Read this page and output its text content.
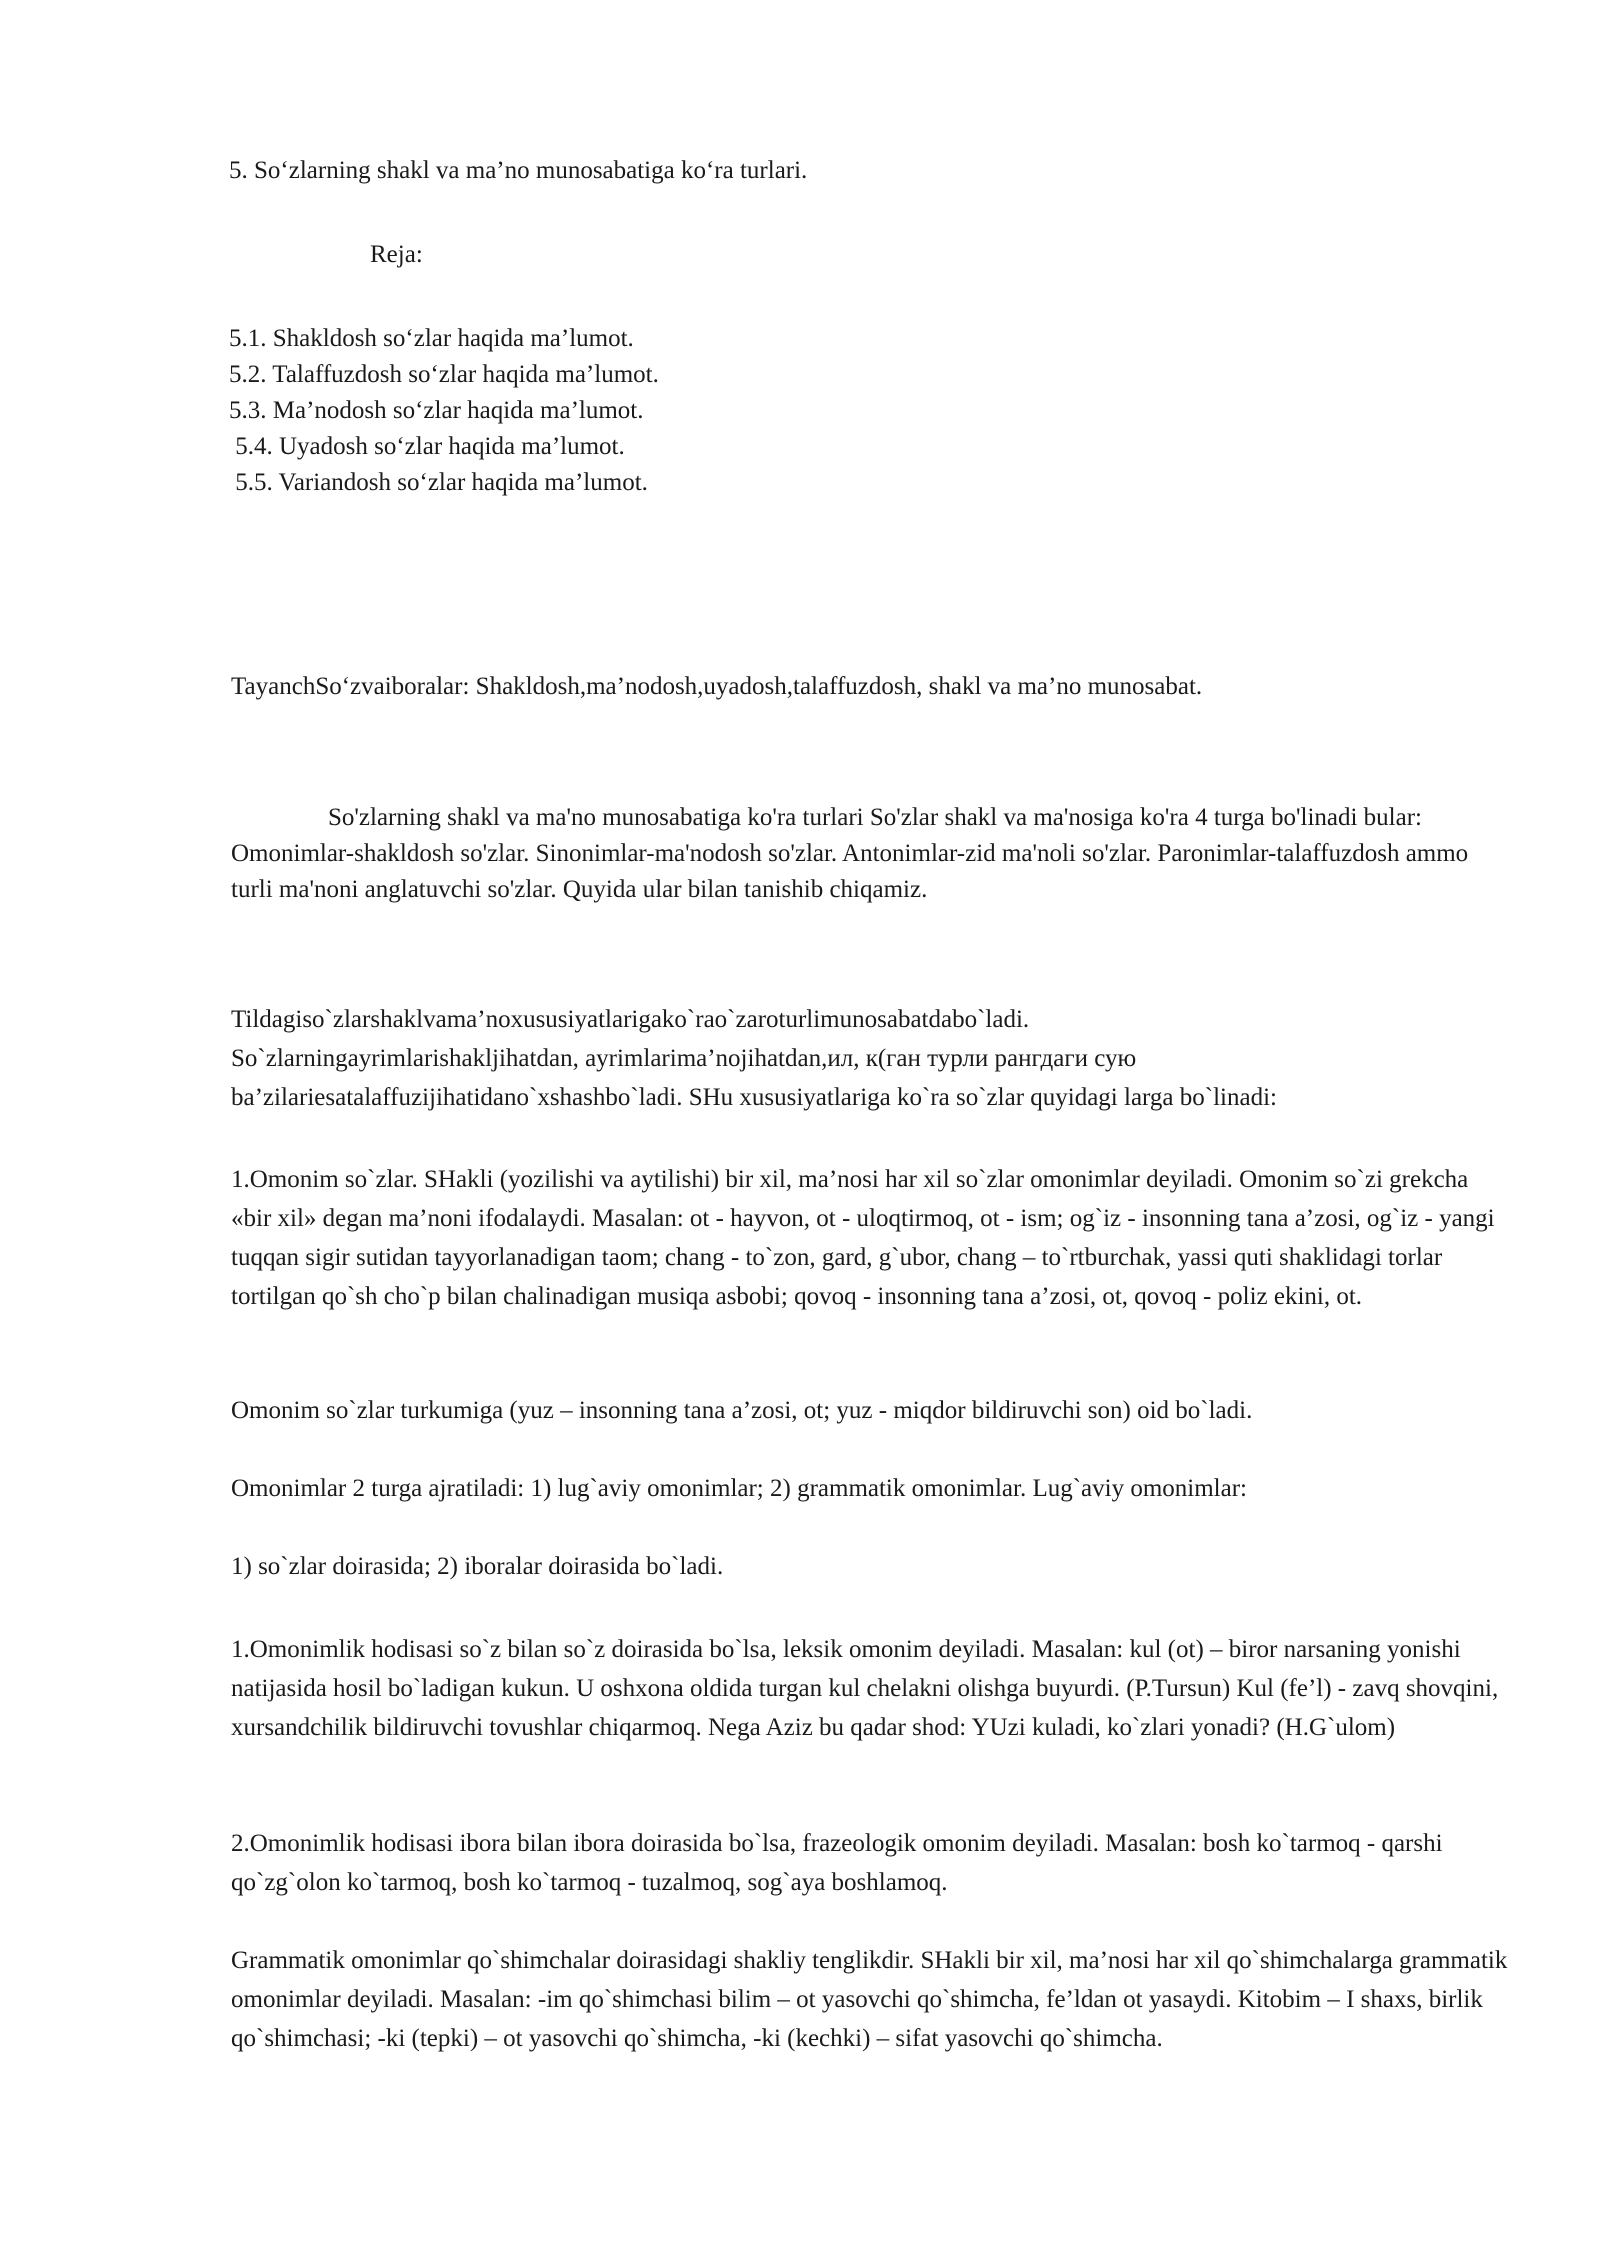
5. So‘zlarning shakl va ma’no munosabatiga ko‘ra turlari.
Reja:
5.1. Shakldosh so‘zlar haqida ma’lumot.
5.2. Talaffuzdosh so‘zlar haqida ma’lumot.
5.3. Ma’nodosh so‘zlar haqida ma’lumot.
5.4. Uyadosh so‘zlar haqida ma’lumot.
5.5. Variandosh so‘zlar haqida ma’lumot.
TayanchSo‘zvaiboralar: Shakldosh,ma’nodosh,uyadosh,talaffuzdosh, shakl va ma’no munosabat.
So'zlarning shakl va ma'no munosabatiga ko'ra turlari So'zlar shakl va ma'nosiga ko'ra 4 turga bo'linadi bular: Omonimlar-shakldosh so'zlar. Sinonimlar-ma'nodosh so'zlar. Antonimlar-zid ma'noli so'zlar. Paronimlar-talaffuzdosh ammo turli ma'noni anglatuvchi so'zlar. Quyida ular bilan tanishib chiqamiz.
Tildagiso`zlarshaklvama’noxususiyatlarigako`rao`zaroturlimunosabatdabo`ladi.
So`zlarningayrimlarishakljihatdan, ayrimlarima’nojihatdan,ил, к(ган турли рангдаги сую
ba’zilariesatalaffuzijihatidano`xshashbo`ladi. SHu xususiyatlariga ko`ra so`zlar quyidagi larga bo`linadi:
1.Omonim so`zlar. SHakli (yozilishi va aytilishi) bir xil, ma’nosi har xil so`zlar omonimlar deyiladi. Omonim so`zi grekcha «bir xil» degan ma’noni ifodalaydi. Masalan: ot - hayvon, ot - uloqtirmoq, ot - ism; og`iz - insonning tana a’zosi, og`iz - yangi tuqqan sigir sutidan tayyorlanadigan taom; chang - to`zon, gard, g`ubor, chang – to`rtburchak, yassi quti shaklidagi torlar tortilgan qo`sh cho`p bilan chalinadigan musiqa asbobi; qovoq - insonning tana a’zosi, ot, qovoq - poliz ekini, ot.
Omonim so`zlar turkumiga (yuz – insonning tana a’zosi, ot; yuz - miqdor bildiruvchi son) oid bo`ladi.
Omonimlar 2 turga ajratiladi: 1) lug`aviy omonimlar; 2) grammatik omonimlar. Lug`aviy omonimlar:
1) so`zlar doirasida; 2) iboralar doirasida bo`ladi.
1.Omonimlik hodisasi so`z bilan so`z doirasida bo`lsa, leksik omonim deyiladi. Masalan: kul (ot) – biror narsaning yonishi natijasida hosil bo`ladigan kukun. U oshxona oldida turgan kul chelakni olishga buyurdi. (P.Tursun) Kul (fe’l) - zavq shovqini, xursandchilik bildiruvchi tovushlar chiqarmoq. Nega Aziz bu qadar shod: YUzi kuladi, ko`zlari yonadi? (H.G`ulom)
2.Omonimlik hodisasi ibora bilan ibora doirasida bo`lsa, frazeologik omonim deyiladi. Masalan: bosh ko`tarmoq - qarshi qo`zg`olon ko`tarmoq, bosh ko`tarmoq - tuzalmoq, sog`aya boshlamoq.
Grammatik omonimlar qo`shimchalar doirasidagi shakliy tenglikdir. SHakli bir xil, ma’nosi har xil qo`shimchalarga grammatik omonimlar deyiladi. Masalan: -im qo`shimchasi bilim – ot yasovchi qo`shimcha, fe’ldan ot yasaydi. Kitobim – I shaxs, birlik qo`shimchasi; -ki (tepki) – ot yasovchi qo`shimcha, -ki (kechki) – sifat yasovchi qo`shimcha.
